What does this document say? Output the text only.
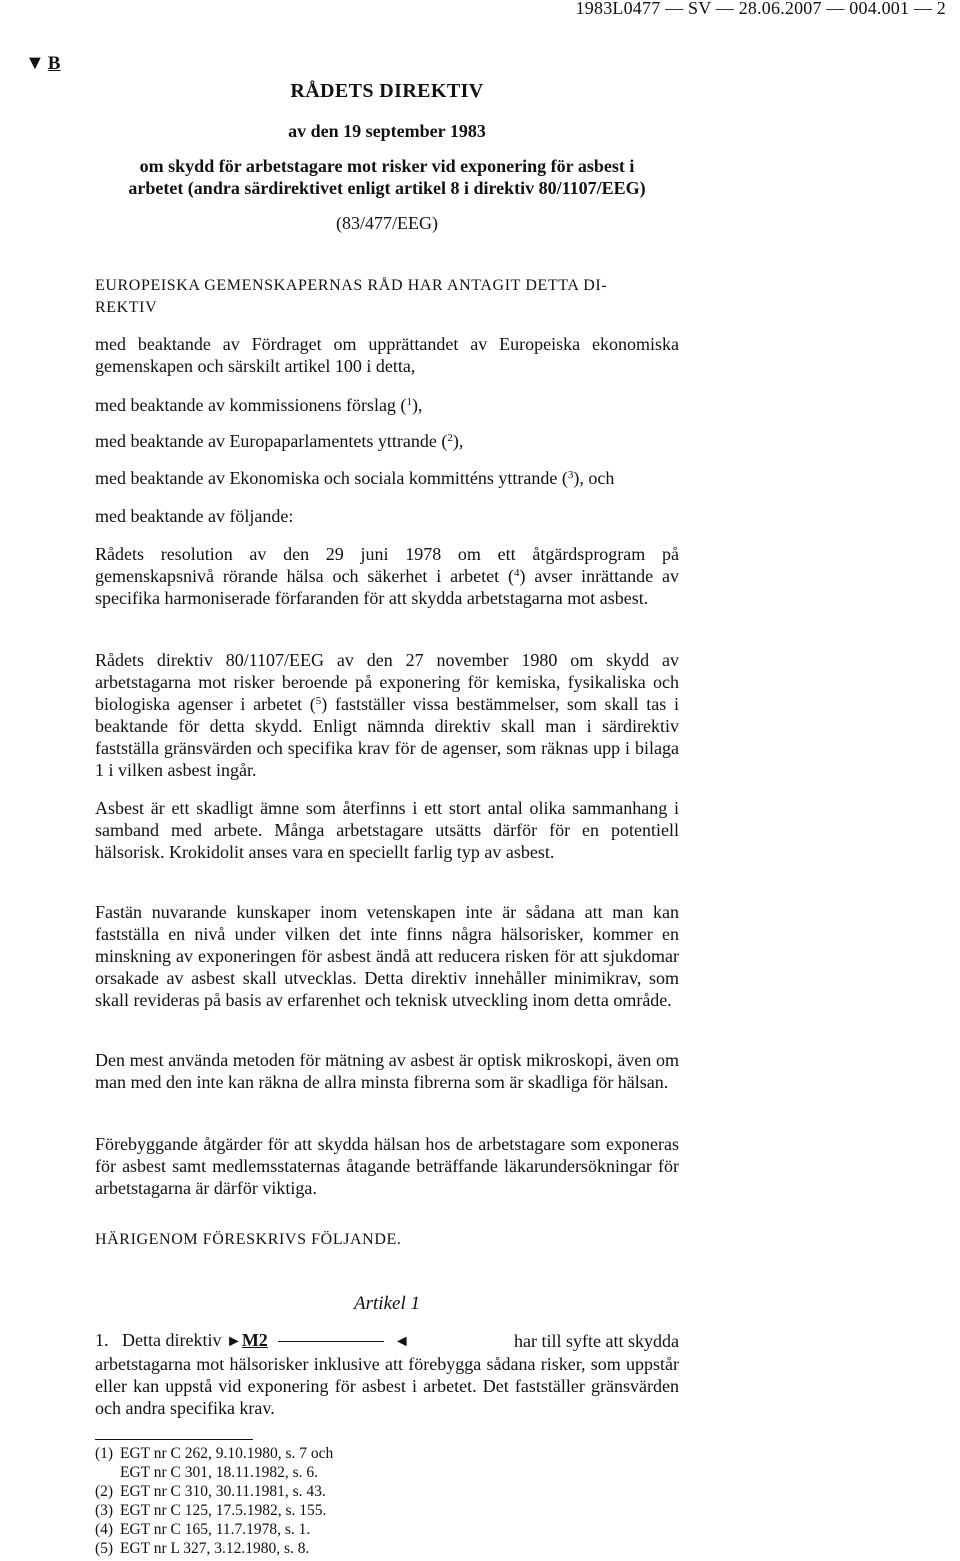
1983L0477 — SV — 28.06.2007 — 004.001 — 2
▼ B
RÅDETS DIREKTIV
av den 19 september 1983
om skydd för arbetstagare mot risker vid exponering för asbest i
arbetet (andra särdirektivet enligt artikel 8 i direktiv 80/1107/EEG)
(83/477/EEG)
EUROPEISKA GEMENSKAPERNAS RÅD HAR ANTAGIT DETTA DI-
REKTIV
med beaktande av Fördraget om upprättandet av Europeiska ekonomiska gemenskapen och särskilt artikel 100 i detta,
med beaktande av kommissionens förslag ($^1$),
med beaktande av Europaparlamentets yttrande ($^2$),
med beaktande av Ekonomiska och sociala kommitténs yttrande ($^3$), och
med beaktande av följande:
Rådets resolution av den 29 juni 1978 om ett åtgärdsprogram på gemenskapsnivå rörande hälsa och säkerhet i arbetet ($^4$) avser inrättande av specifika harmoniserade förfaranden för att skydda arbetstagarna mot asbest.
Rådets direktiv 80/1107/EEG av den 27 november 1980 om skydd av arbetstagarna mot risker beroende på exponering för kemiska, fysikaliska och biologiska agenser i arbetet ($^5$) fastställer vissa bestämmelser, som skall tas i beaktande för detta skydd. Enligt nämnda direktiv skall man i särdirektiv fastställa gränsvärden och specifika krav för de agenser, som räknas upp i bilaga 1 i vilken asbest ingår.
Asbest är ett skadligt ämne som återfinns i ett stort antal olika sammanhang i samband med arbete. Många arbetstagare utsätts därför för en potentiell hälsorisk. Krokidolit anses vara en speciellt farlig typ av asbest.
Fastän nuvarande kunskaper inom vetenskapen inte är sådana att man kan fastställa en nivå under vilken det inte finns några hälsorisker, kommer en minskning av exponeringen för asbest ändå att reducera risken för att sjukdomar orsakade av asbest skall utvecklas. Detta direktiv innehåller minimikrav, som skall revideras på basis av erfarenhet och teknisk utveckling inom detta område.
Den mest använda metoden för mätning av asbest är optisk mikroskopi, även om man med den inte kan räkna de allra minsta fibrerna som är skadliga för hälsan.
Förebyggande åtgärder för att skydda hälsan hos de arbetstagare som exponeras för asbest samt medlemsstaternas åtagande beträffande läkarundersökningar för arbetstagarna är därför viktiga.
HÄRIGENOM FÖRESKRIVS FÖLJANDE.
Artikel 1
1. Detta direktiv ►M2	◄	har till syfte att skydda
arbetstagarna mot hälsorisker inklusive att förebygga sådana risker, som uppstår eller kan uppstå vid exponering för asbest i arbetet. Det fastställer gränsvärden och andra specifika krav.
(1) EGT nr C 262, 9.10.1980, s. 7 och
EGT nr C 301, 18.11.1982, s. 6.
(2) EGT nr C 310, 30.11.1981, s. 43.
(3) EGT nr C 125, 17.5.1982, s. 155.
(4) EGT nr C 165, 11.7.1978, s. 1.
(5) EGT nr L 327, 3.12.1980, s. 8.
